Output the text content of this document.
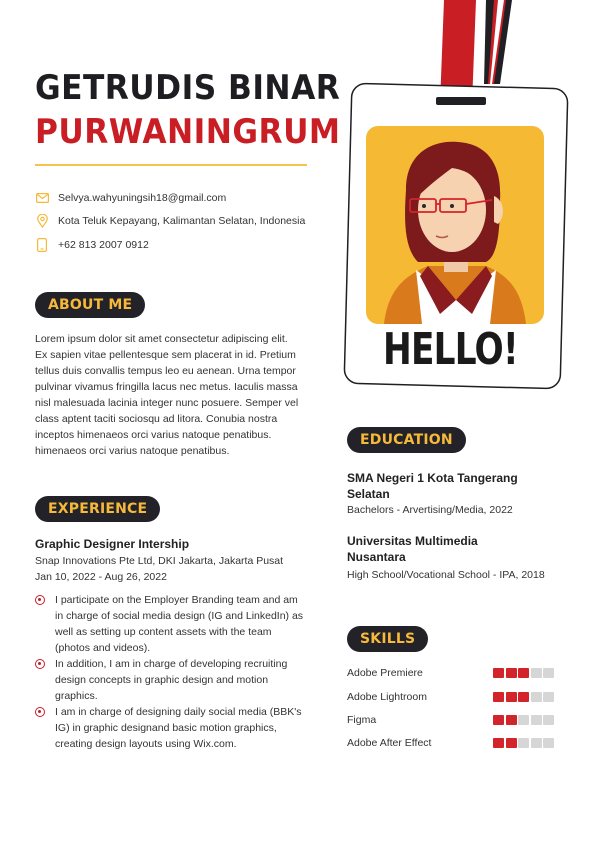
GETRUDIS BINAR
PURWANINGRUM
Selvya.wahyuningsih18@gmail.com
Kota Teluk Kepayang, Kalimantan Selatan, Indonesia
+62 813 2007 0912
ABOUT ME
Lorem ipsum dolor sit amet consectetur adipiscing elit.
Ex sapien vitae pellentesque sem placerat in id. Pretium
tellus duis convallis tempus leo eu aenean. Urna tempor
pulvinar vivamus fringilla lacus nec metus. Iaculis massa
nisl malesuada lacinia integer nunc posuere. Semper vel
class aptent taciti sociosqu ad litora. Conubia nostra
inceptos himenaeos orci varius natoque penatibus.
himenaeos orci varius natoque penatibus.
EXPERIENCE
Graphic Designer Intership
Snap Innovations Pte Ltd, DKI Jakarta, Jakarta Pusat
Jan 10, 2022 - Aug 26, 2022
I participate on the Employer Branding team and am in charge of social media design (IG and LinkedIn) as well as setting up content assets with the team (photos and videos).
In addition, I am in charge of developing recruiting design concepts in graphic design and motion graphics.
I am in charge of designing daily social media (BBK's IG) in graphic designand basic motion graphics, creating design layouts using Wix.com.
HELLO!
EDUCATION
SMA Negeri 1 Kota Tangerang
Selatan
Bachelors - Arvertising/Media, 2022
Universitas Multimedia
Nusantara
High School/Vocational School - IPA, 2018
SKILLS
Adobe Premiere
Adobe Lightroom
Figma
Adobe After Effect
